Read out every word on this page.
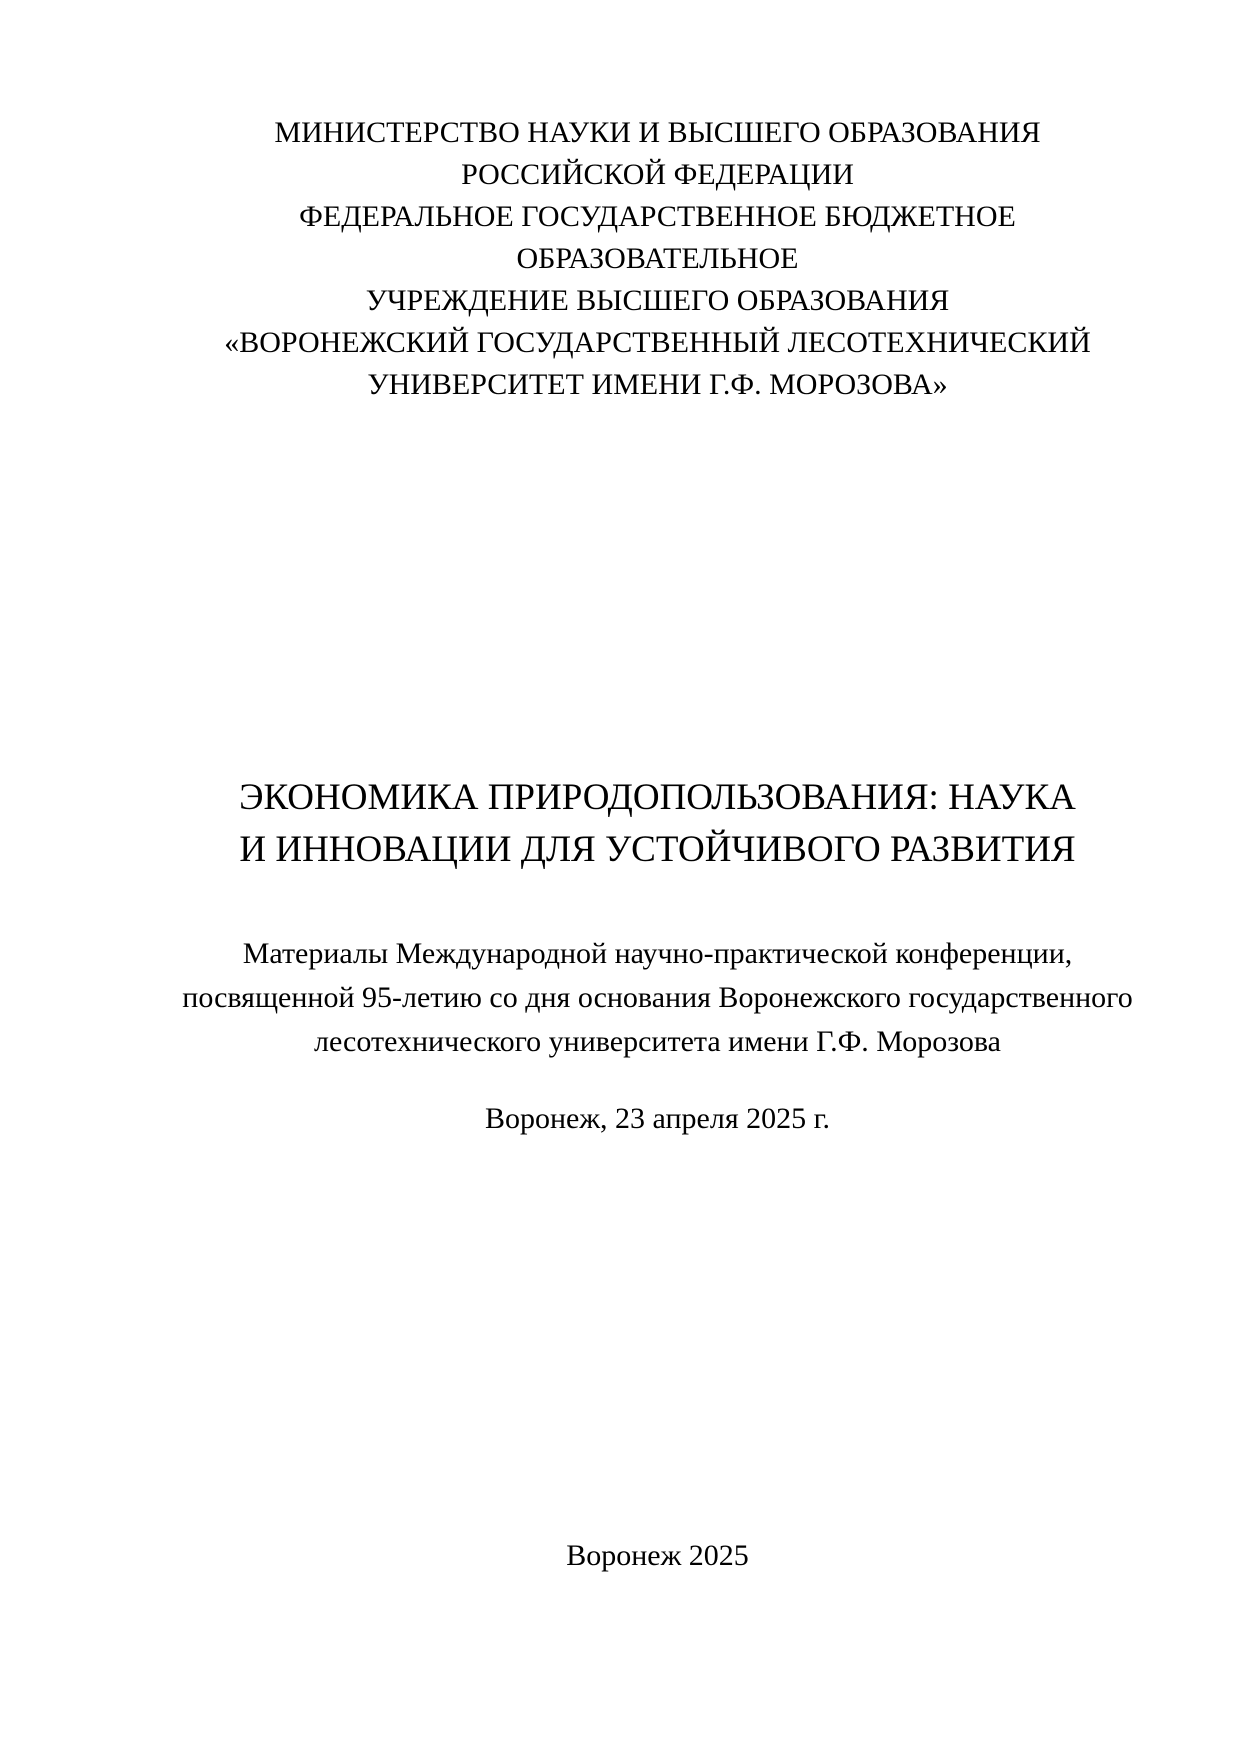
МИНИСТЕРСТВО НАУКИ И ВЫСШЕГО ОБРАЗОВАНИЯ
РОССИЙСКОЙ ФЕДЕРАЦИИ
ФЕДЕРАЛЬНОЕ ГОСУДАРСТВЕННОЕ БЮДЖЕТНОЕ
ОБРАЗОВАТЕЛЬНОЕ
УЧРЕЖДЕНИЕ ВЫСШЕГО ОБРАЗОВАНИЯ
«ВОРОНЕЖСКИЙ ГОСУДАРСТВЕННЫЙ ЛЕСОТЕХНИЧЕСКИЙ
УНИВЕРСИТЕТ ИМЕНИ Г.Ф. МОРОЗОВА»
ЭКОНОМИКА ПРИРОДОПОЛЬЗОВАНИЯ: НАУКА
И ИННОВАЦИИ ДЛЯ УСТОЙЧИВОГО РАЗВИТИЯ
Материалы Международной научно-практической конференции,
посвященной 95-летию со дня основания Воронежского государственного
лесотехнического университета имени Г.Ф. Морозова
Воронеж, 23 апреля 2025 г.
Воронеж 2025
